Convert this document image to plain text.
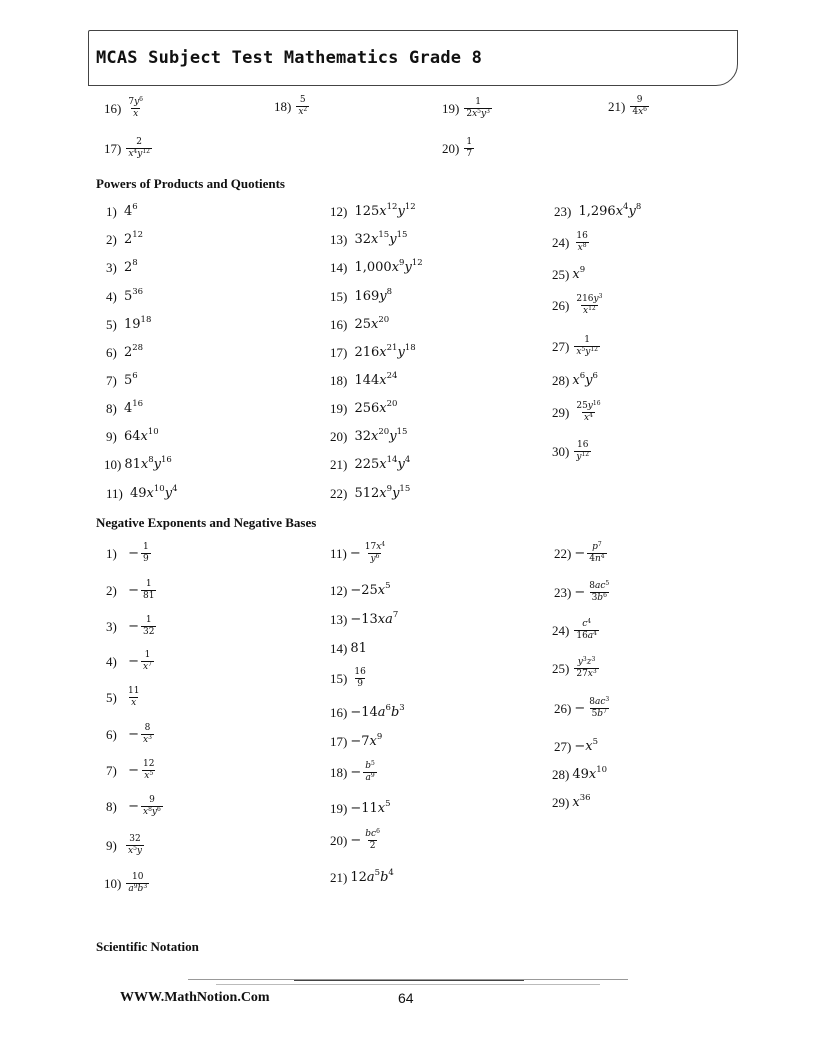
MCAS Subject Test Mathematics Grade 8
$16) \frac{7y^6}{x}$	$18) \frac{5}{x^2}$	$19) \frac{1}{2x^5y^3}$	$21) \frac{9}{4x^6}$
$17) \frac{2}{x^4y^{12}}$	$20) \frac{1}{7}$
Powers of Products and Quotients
1) $4^6$
2) $2^{12}$
3) $2^8$
4) $5^{36}$
5) $19^{18}$
6) $2^{28}$
7) $5^6$
8) $4^{16}$
9) $64x^{10}$
10) $81x^8y^{16}$
11) $49x^{10}y^4$
12) $125x^{12}y^{12}$
13) $32x^{15}y^{15}$
14) $1,000x^9y^{12}$
15) $169y^8$
16) $25x^{20}$
17) $216x^{21}y^{18}$
18) $144x^{24}$
19) $256x^{20}$
20) $32x^{20}y^{15}$
21) $225x^{14}y^4$
22) $512x^9y^{15}$
23) $1,296x^4y^8$
$24) \frac{16}{x^8}$
25) $x^9$
$26) \frac{216y^3}{x^{12}}$
$27) \frac{1}{x^5y^{12}}$
28) $x^6y^6$
$29) \frac{25y^{16}}{x^4}$
$30) \frac{16}{y^{12}}$
Negative Exponents and Negative Bases
$1) - \frac{1}{9}$
$2) - \frac{1}{81}$
$3) - \frac{1}{32}$
$4) - \frac{1}{x^7}$
5)
$\frac{11}{x}$
$6) - \frac{8}{x^3}$
$7) - \frac{12}{x^5}$
$8) - \frac{9}{x^8y^6}$
9)
$\frac{32}{x^5y}$
$10) \frac{10}{a^9b^3}$
$11) - \frac{17x^4}{y^6}$
$12) -25x^5$
$13) -13xa^7$
14) 81
$15) \frac{16}{9}$
$16) -14a^6b^3$
$17) -7x^9$
$18) - \frac{b^5}{a^9}$
$19) -11x^5$
$20) - \frac{bc^6}{2}$
21) $12a^5b^4$
$22) - \frac{p^7}{4n^4}$
$23) - \frac{8ac^5}{3b^6}$
$24) \frac{c^4}{16a^4}$
$25) \frac{y^3z^3}{27x^3}$
$26) - \frac{8ac^3}{5b^7}$
$27) -x^5$
28) $49x^{10}$
29) $x^{36}$
Scientific Notation
WWW.MathNotion.Com	64
